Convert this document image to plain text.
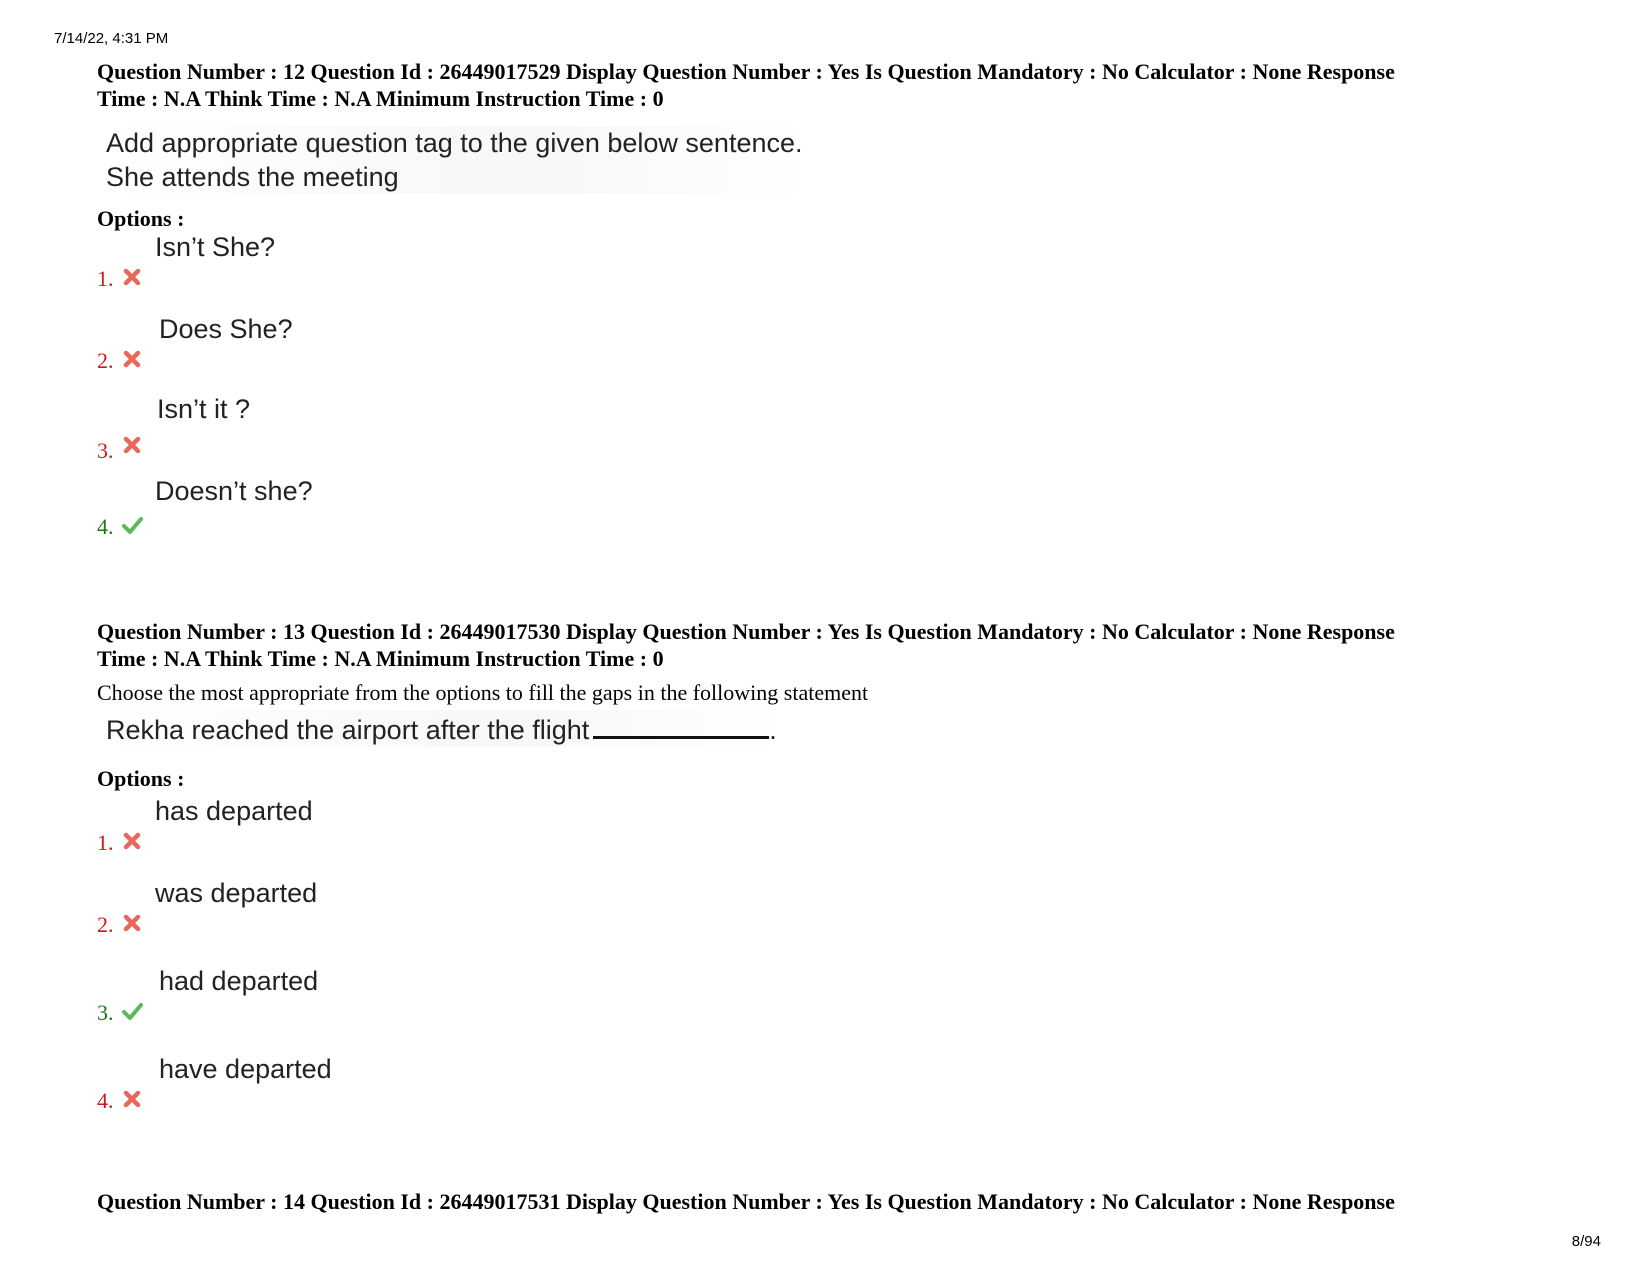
7/14/22, 4:31 PM
Question Number : 12 Question Id : 26449017529 Display Question Number : Yes Is Question Mandatory : No Calculator : None Response
Time : N.A Think Time : N.A Minimum Instruction Time : 0
Add appropriate question tag to the given below sentence.
She attends the meeting
Options :
1.
Isn’t She?
2.
Does She?
3.
Isn’t it ?
4.
Doesn’t she?
Question Number : 13 Question Id : 26449017530 Display Question Number : Yes Is Question Mandatory : No Calculator : None Response
Time : N.A Think Time : N.A Minimum Instruction Time : 0
Choose the most appropriate from the options to fill the gaps in the following statement
Rekha reached the airport after the flight	.
Options :
1.
has departed
2.
was departed
3.
had departed
4.
have departed
Question Number : 14 Question Id : 26449017531 Display Question Number : Yes Is Question Mandatory : No Calculator : None Response
8/94
